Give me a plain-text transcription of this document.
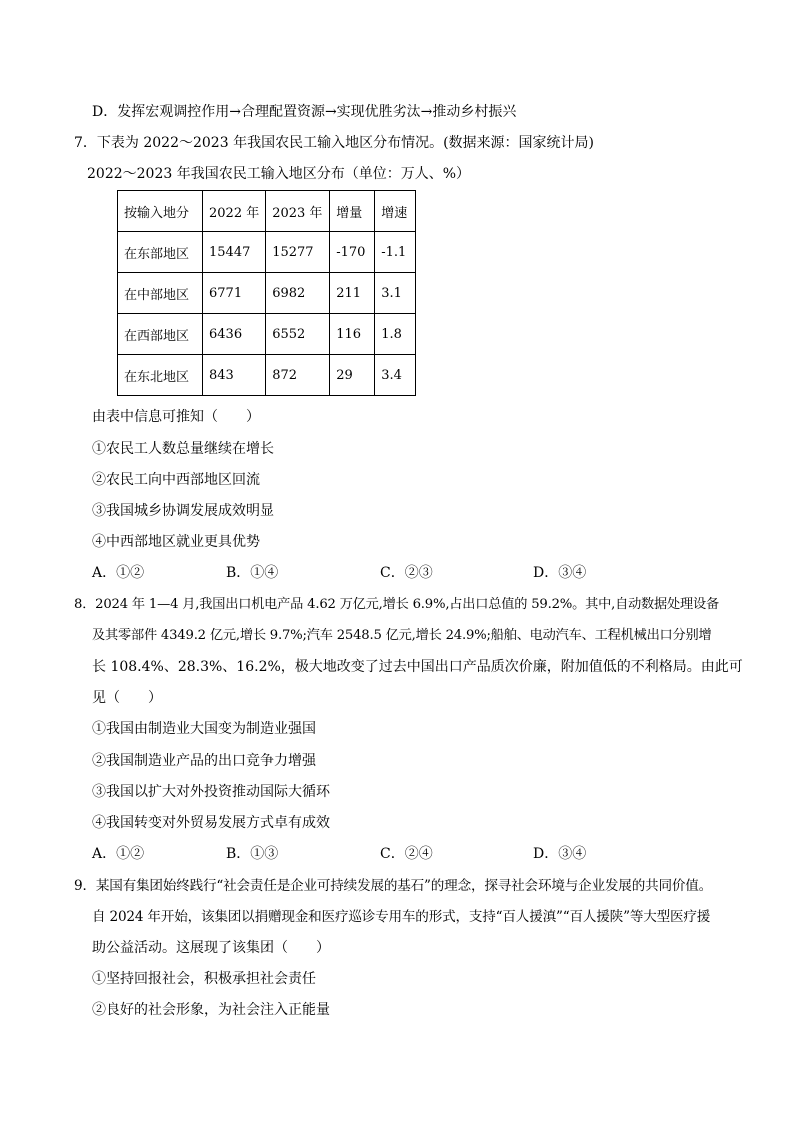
D．发挥宏观调控作用→合理配置资源→实现优胜劣汰→推动乡村振兴
7．下表为 2022～2023 年我国农民工输入地区分布情况。(数据来源：国家统计局)
2022～2023 年我国农民工输入地区分布（单位：万人、%）
按输入地分	2022 年	2023 年	增量	增速
在东部地区	15447	15277	-170	-1.1
在中部地区	6771	6982	211	3.1
在西部地区	6436	6552	116	1.8
在东北地区	843	872	29	3.4
由表中信息可推知（　　）
①农民工人数总量继续在增长
②农民工向中西部地区回流
③我国城乡协调发展成效明显
④中西部地区就业更具优势
A．①②	B．①④	C．②③	D．③④
8．2024 年 1—4 月,我国出口机电产品 4.62 万亿元,增长 6.9%,占出口总值的 59.2%。其中,自动数据处理设备
及其零部件 4349.2 亿元,增长 9.7%;汽车 2548.5 亿元,增长 24.9%;船舶、电动汽车、工程机械出口分别增
长 108.4%、28.3%、16.2%，极大地改变了过去中国出口产品质次价廉，附加值低的不利格局。由此可
见（　　）
①我国由制造业大国变为制造业强国
②我国制造业产品的出口竞争力增强
③我国以扩大对外投资推动国际大循环
④我国转变对外贸易发展方式卓有成效
A．①②	B．①③	C．②④	D．③④
9．某国有集团始终践行“社会责任是企业可持续发展的基石”的理念，探寻社会环境与企业发展的共同价值。
自 2024 年开始，该集团以捐赠现金和医疗巡诊专用车的形式，支持“百人援滇”“百人援陕”等大型医疗援
助公益活动。这展现了该集团（　　）
①坚持回报社会，积极承担社会责任
②良好的社会形象，为社会注入正能量
